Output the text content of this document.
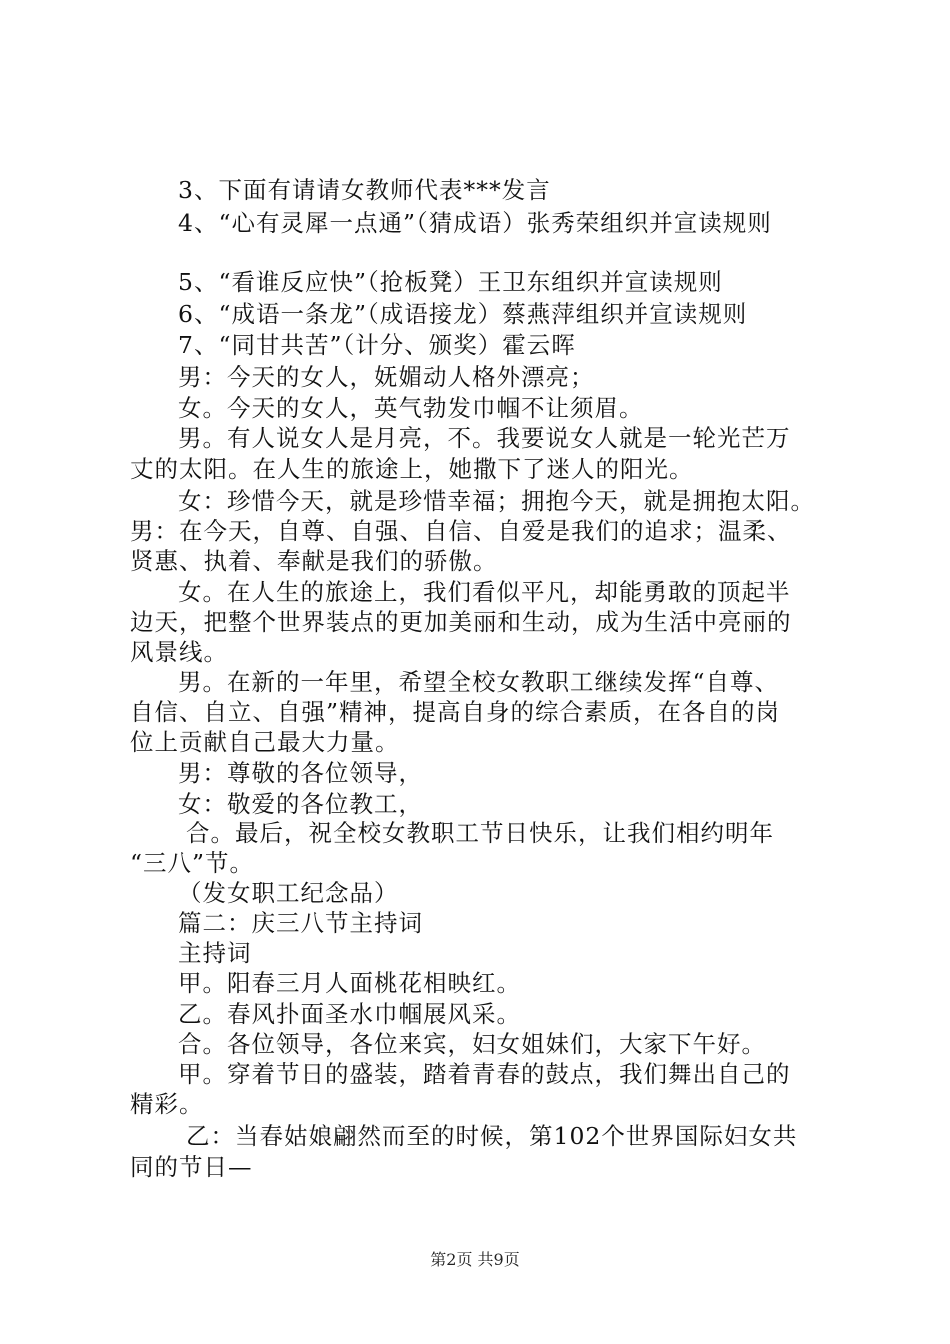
3、下面有请请女教师代表***发言
4、“心有灵犀一点通”（猜成语）张秀荣组织并宣读规则
5、“看谁反应快”（抢板凳）王卫东组织并宣读规则
6、“成语一条龙”（成语接龙）蔡燕萍组织并宣读规则
7、“同甘共苦”（计分、颁奖）霍云晖
男：今天的女人，妩媚动人格外漂亮；
女。今天的女人，英气勃发巾帼不让须眉。
男。有人说女人是月亮，不。我要说女人就是一轮光芒万
丈的太阳。在人生的旅途上，她撒下了迷人的阳光。
女：珍惜今天，就是珍惜幸福；拥抱今天，就是拥抱太阳。
男：在今天，自尊、自强、自信、自爱是我们的追求；温柔、
贤惠、执着、奉献是我们的骄傲。
女。在人生的旅途上，我们看似平凡，却能勇敢的顶起半
边天，把整个世界装点的更加美丽和生动，成为生活中亮丽的
风景线。
男。在新的一年里，希望全校女教职工继续发挥“自尊、
自信、自立、自强”精神，提高自身的综合素质，在各自的岗
位上贡献自己最大力量。
男：尊敬的各位领导，
女：敬爱的各位教工，
合。最后，祝全校女教职工节日快乐，让我们相约明年
“三八”节。
（发女职工纪念品）
篇二：庆三八节主持词
主持词
甲。阳春三月人面桃花相映红。
乙。春风扑面圣水巾帼展风采。
合。各位领导，各位来宾，妇女姐妹们，大家下午好。
甲。穿着节日的盛装，踏着青春的鼓点，我们舞出自己的
精彩。
乙：当春姑娘翩然而至的时候，第102个世界国际妇女共
同的节日—
第2页 共9页
